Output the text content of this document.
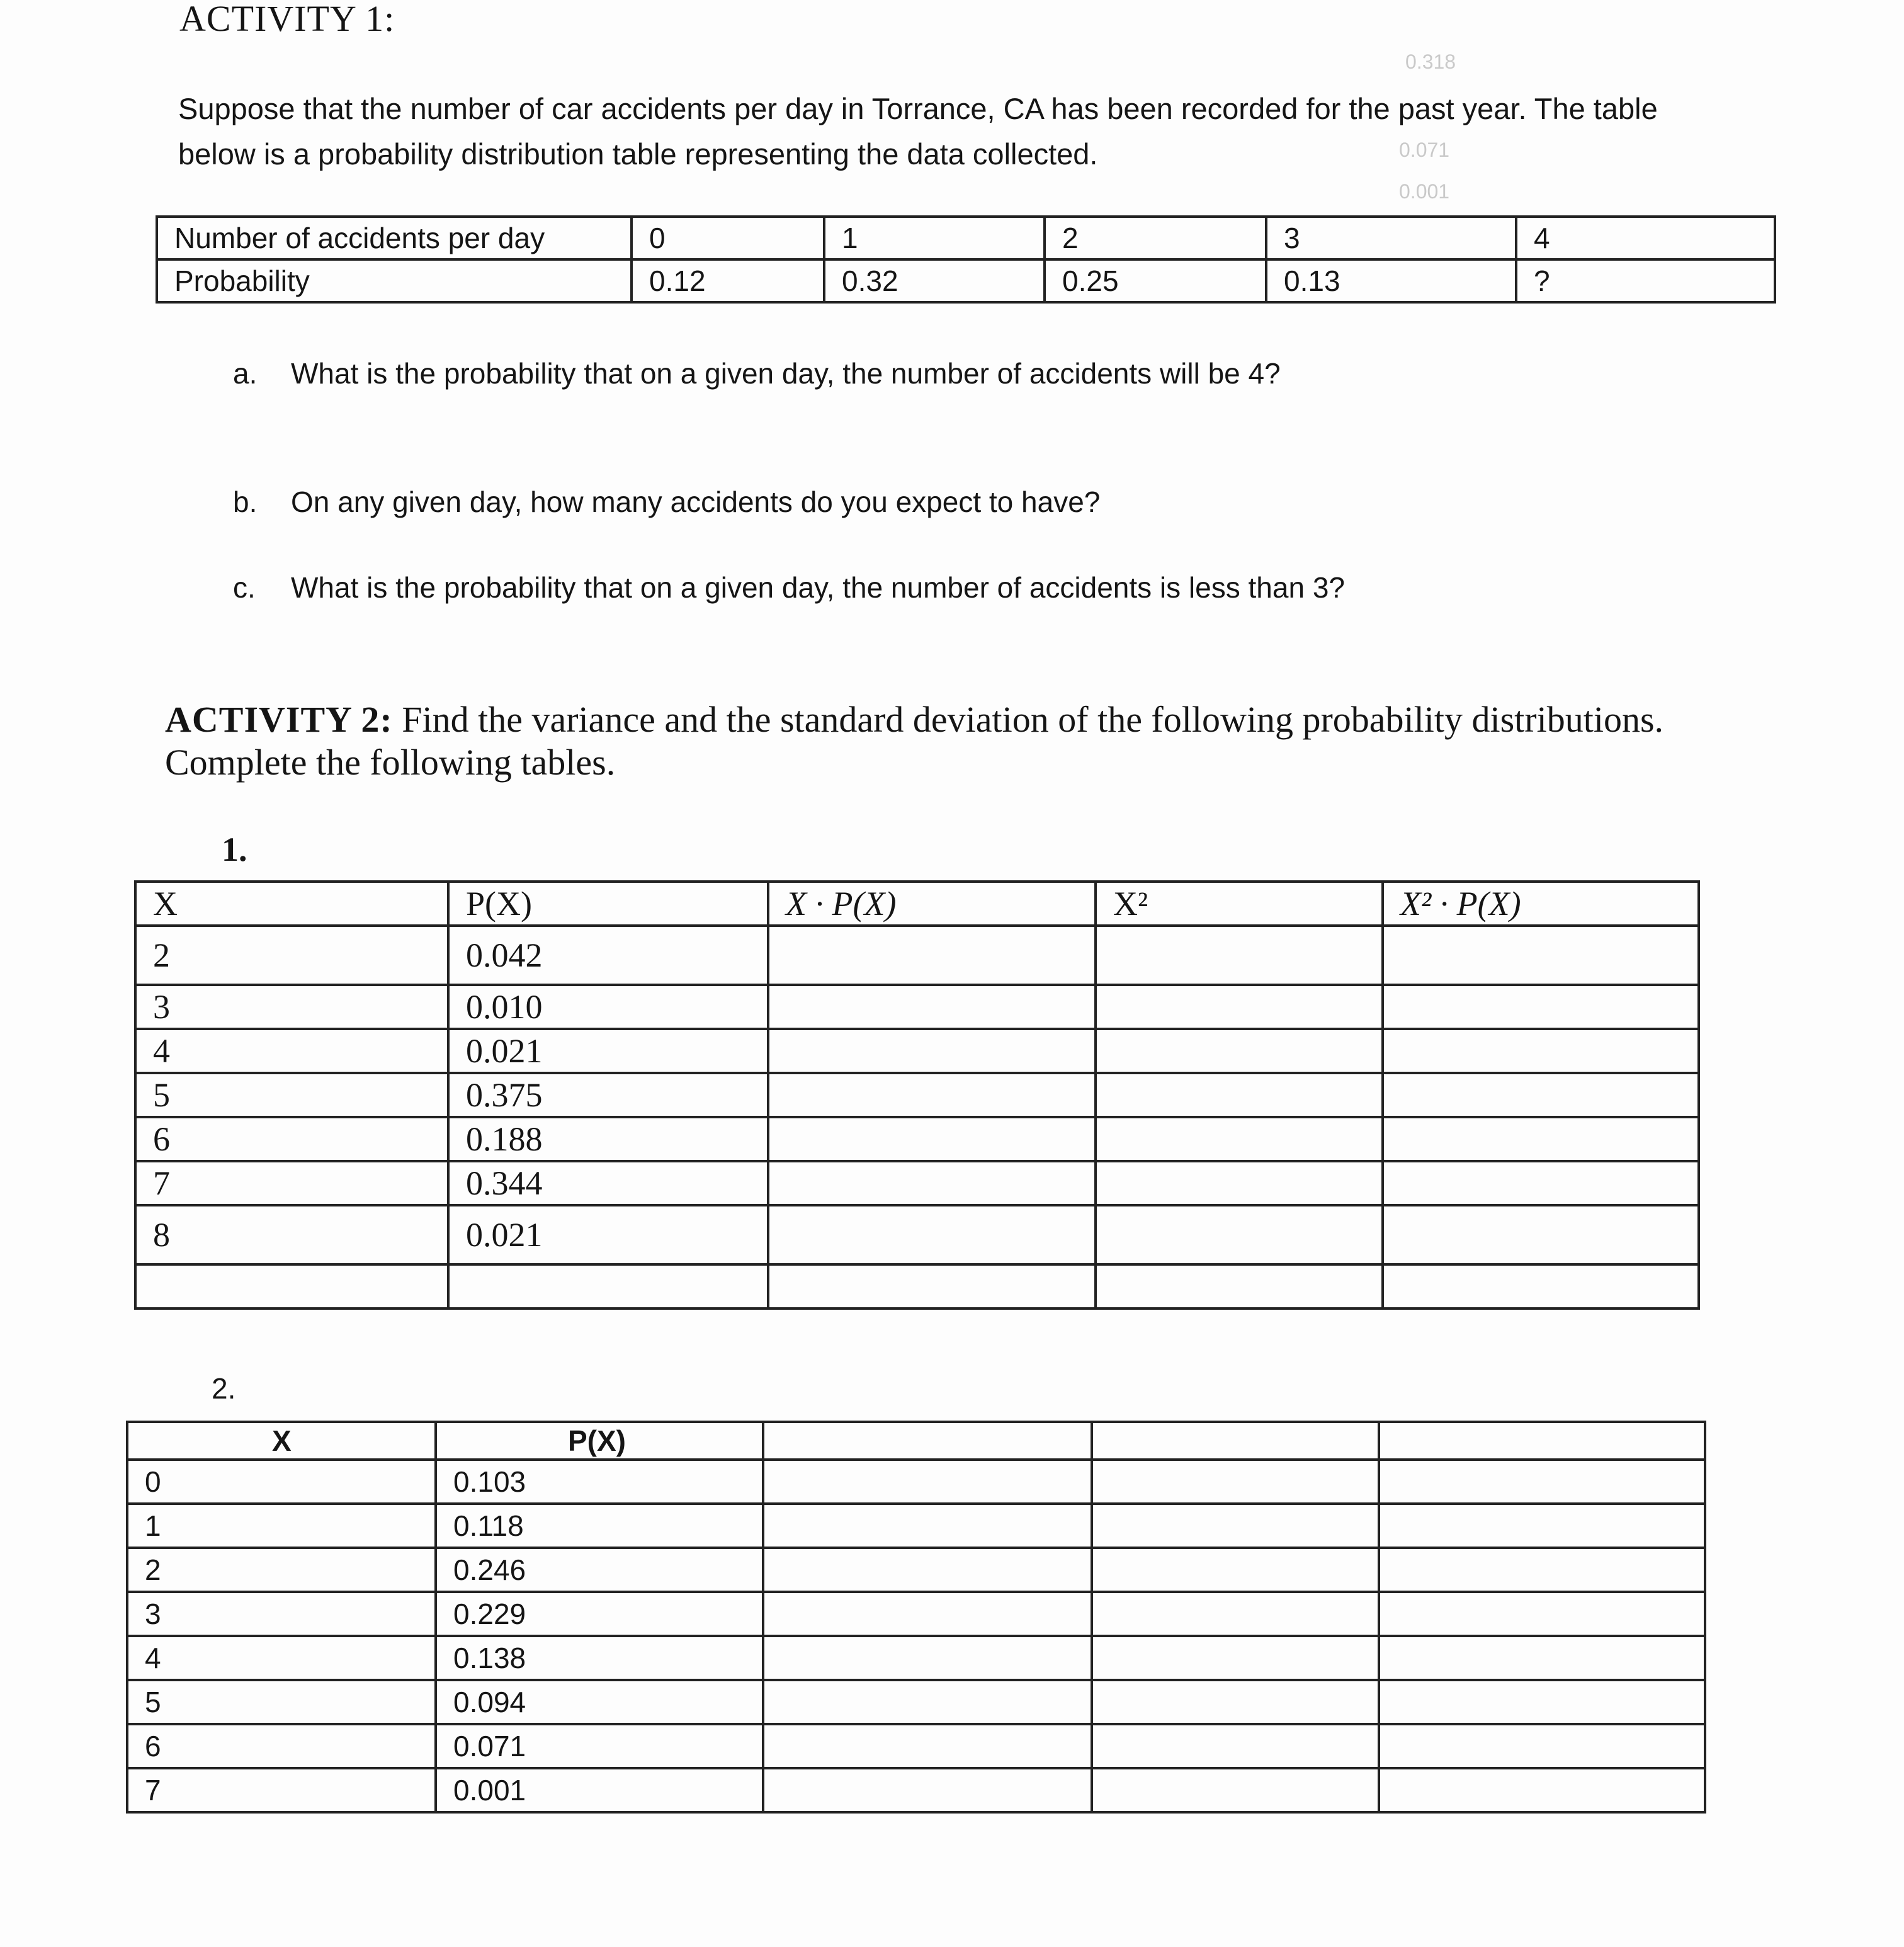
0.318
0.071
0.001
ACTIVITY 1:
Suppose that the number of car accidents per day in Torrance, CA has been recorded for the past year. The table
below is a probability distribution table representing the data collected.
Number of accidents per day	0	1	2	3	4
Probability	0.12	0.32	0.25	0.13	?
a. What is the probability that on a given day, the number of accidents will be 4?
b. On any given day, how many accidents do you expect to have?
c. What is the probability that on a given day, the number of accidents is less than 3?
ACTIVITY 2: Find the variance and the standard deviation of the following probability distributions.
Complete the following tables.
1.
X	P(X)	X · P(X)	X²	X² · P(X)
2	0.042			
3	0.010			
4	0.021			
5	0.375			
6	0.188			
7	0.344			
8	0.021			

2.
X	P(X)			
0	0.103			
1	0.118			
2	0.246			
3	0.229			
4	0.138			
5	0.094			
6	0.071			
7	0.001			
